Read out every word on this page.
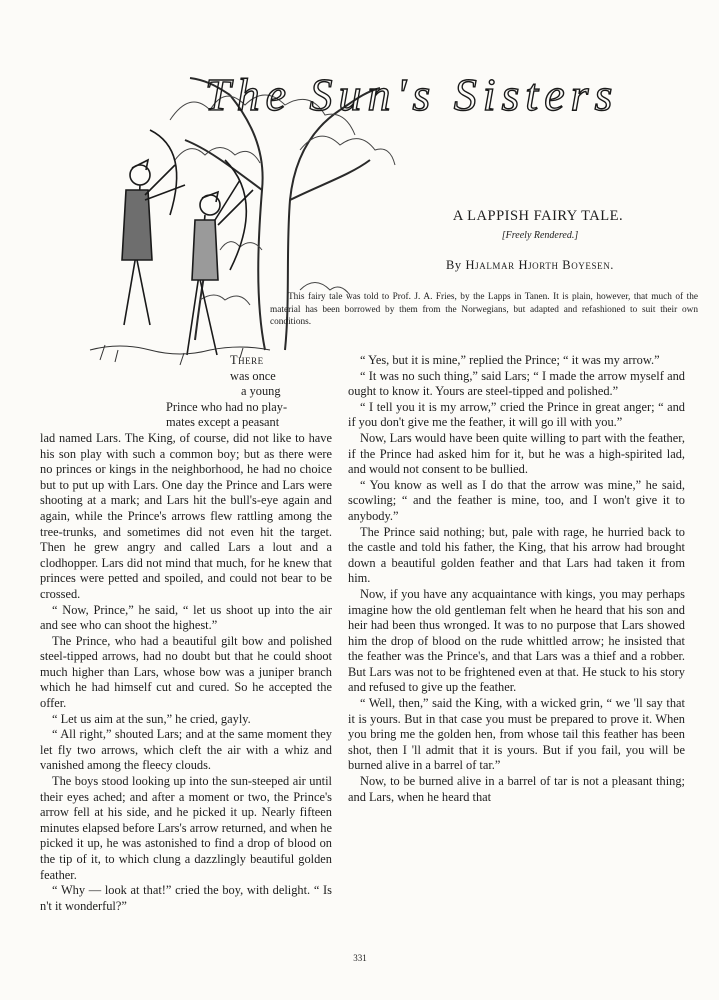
The Sun's Sisters

A LAPPISH FAIRY TALE.

[Freely Rendered.]

By Hjalmar Hjorth Boyesen.

This fairy tale was told to Prof. J. A. Fries, by the Lapps in Tanen. It is plain, however, that much of the material has been borrowed by them from the Norwegians, but adapted and refashioned to suit their own conditions.

There
was once
a young
Prince who had no play-
mates except a peasant

lad named Lars. The King, of course, did not like to have his son play with such a common boy; but as there were no princes or kings in the neighborhood, he had no choice but to put up with Lars. One day the Prince and Lars were shooting at a mark; and Lars hit the bull's-eye again and again, while the Prince's arrows flew rattling among the tree-trunks, and sometimes did not even hit the target. Then he grew angry and called Lars a lout and a clodhopper. Lars did not mind that much, for he knew that princes were petted and spoiled, and could not bear to be crossed.

“ Now, Prince,” he said, “ let us shoot up into the air and see who can shoot the highest.”

The Prince, who had a beautiful gilt bow and polished steel-tipped arrows, had no doubt but that he could shoot much higher than Lars, whose bow was a juniper branch which he had himself cut and cured. So he accepted the offer.

“ Let us aim at the sun,” he cried, gayly.

“ All right,” shouted Lars; and at the same moment they let fly two arrows, which cleft the air with a whiz and vanished among the fleecy clouds.

The boys stood looking up into the sun-steeped air until their eyes ached; and after a moment or two, the Prince's arrow fell at his side, and he picked it up. Nearly fifteen minutes elapsed before Lars's arrow returned, and when he picked it up, he was astonished to find a drop of blood on the tip of it, to which clung a dazzlingly beautiful golden feather.

“ Why — look at that!” cried the boy, with delight. “ Is n't it wonderful?”

“ Yes, but it is mine,” replied the Prince; “ it was my arrow.”

“ It was no such thing,” said Lars; “ I made the arrow myself and ought to know it. Yours are steel-tipped and polished.”

“ I tell you it is my arrow,” cried the Prince in great anger; “ and if you don't give me the feather, it will go ill with you.”

Now, Lars would have been quite willing to part with the feather, if the Prince had asked him for it, but he was a high-spirited lad, and would not consent to be bullied.

“ You know as well as I do that the arrow was mine,” he said, scowling; “ and the feather is mine, too, and I won't give it to anybody.”

The Prince said nothing; but, pale with rage, he hurried back to the castle and told his father, the King, that his arrow had brought down a beautiful golden feather and that Lars had taken it from him.

Now, if you have any acquaintance with kings, you may perhaps imagine how the old gentleman felt when he heard that his son and heir had been thus wronged. It was to no purpose that Lars showed him the drop of blood on the rude whittled arrow; he insisted that the feather was the Prince's, and that Lars was a thief and a robber. But Lars was not to be frightened even at that. He stuck to his story and refused to give up the feather.

“ Well, then,” said the King, with a wicked grin, “ we 'll say that it is yours. But in that case you must be prepared to prove it. When you bring me the golden hen, from whose tail this feather has been shot, then I 'll admit that it is yours. But if you fail, you will be burned alive in a barrel of tar.”

Now, to be burned alive in a barrel of tar is not a pleasant thing; and Lars, when he heard that

331
